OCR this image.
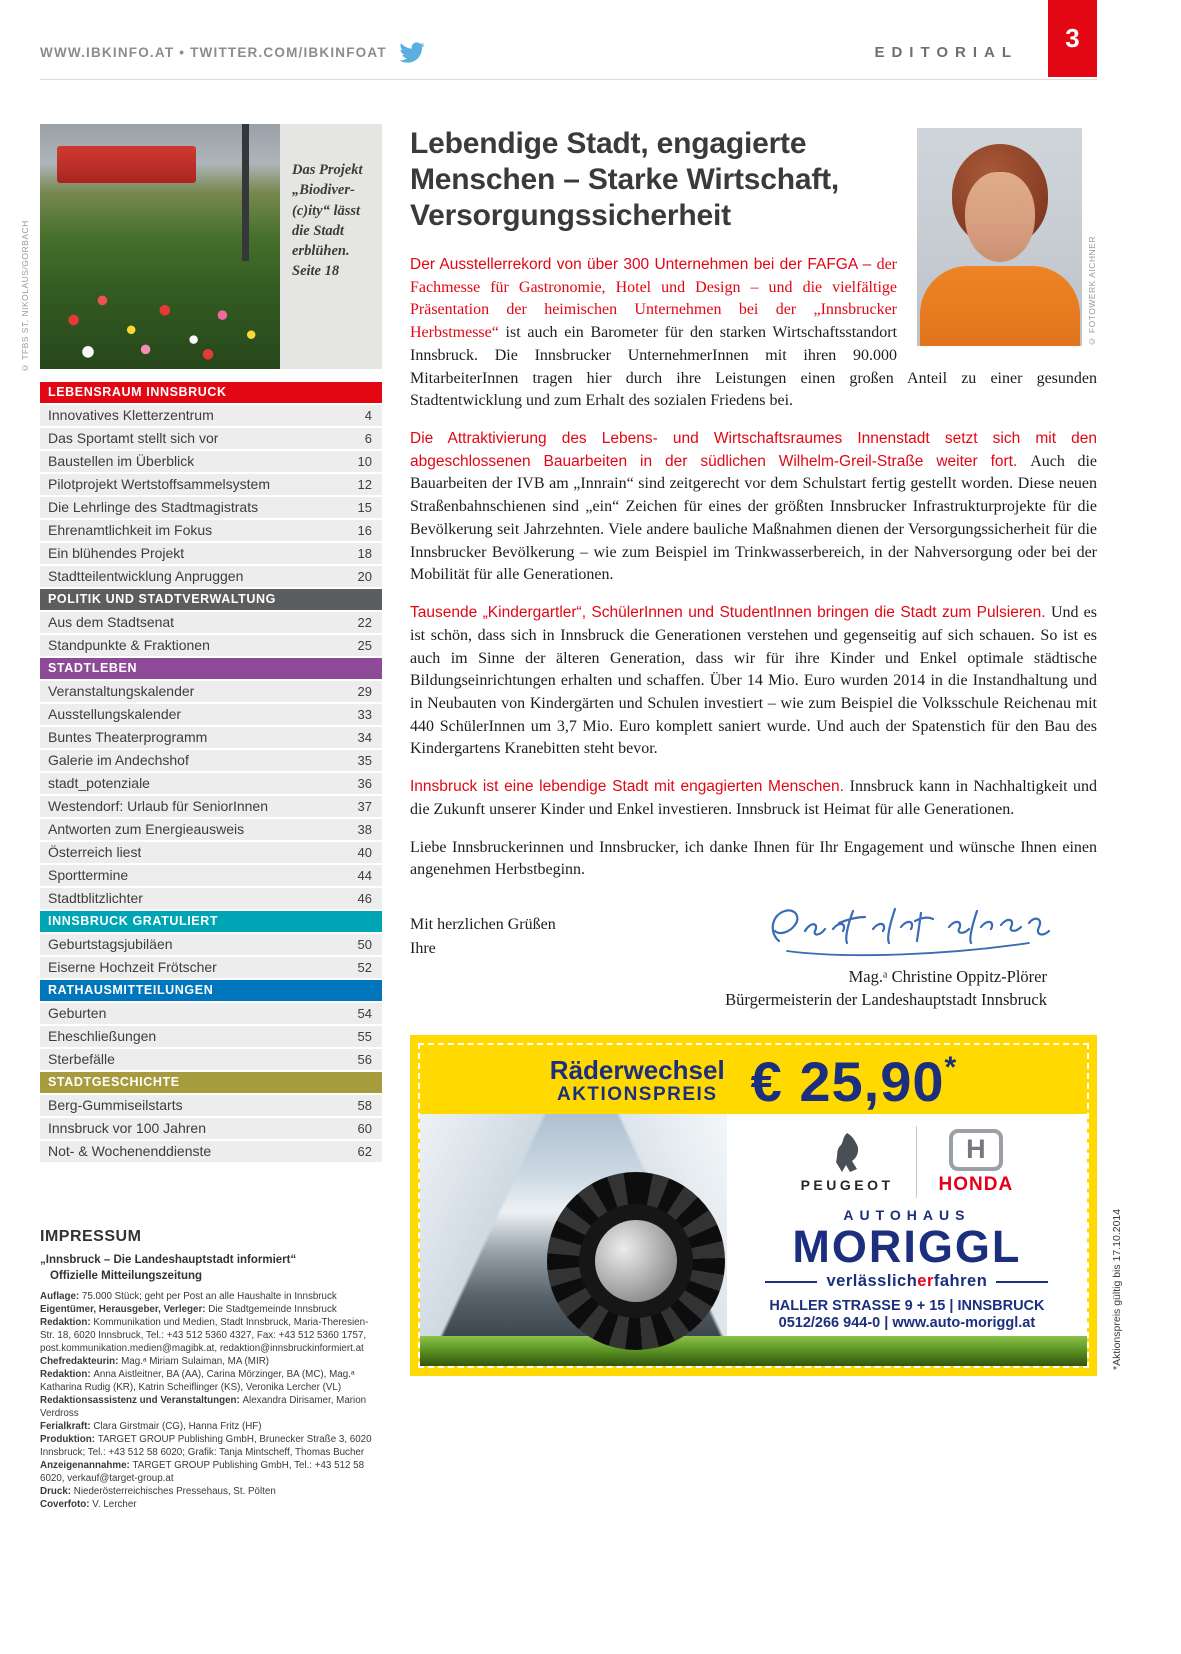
3
WWW.IBKINFO.AT • TWITTER.COM/IBKINFOAT	EDITORIAL
© TFBS ST. NIKOLAUS/GORBACH
Das Projekt „Biodiver-(c)ity“ lässt die Stadt erblühen. Seite 18
LEBENSRAUM INNSBRUCK
Innovatives Kletterzentrum	4
Das Sportamt stellt sich vor	6
Baustellen im Überblick	10
Pilotprojekt Wertstoffsammelsystem	12
Die Lehrlinge des Stadtmagistrats	15
Ehrenamtlichkeit im Fokus	16
Ein blühendes Projekt	18
Stadtteilentwicklung Anpruggen	20
POLITIK UND STADTVERWALTUNG
Aus dem Stadtsenat	22
Standpunkte & Fraktionen	25
STADTLEBEN
Veranstaltungskalender	29
Ausstellungskalender	33
Buntes Theaterprogramm	34
Galerie im Andechshof	35
stadt_potenziale	36
Westendorf: Urlaub für SeniorInnen	37
Antworten zum Energieausweis	38
Österreich liest	40
Sporttermine	44
Stadtblitzlichter	46
INNSBRUCK GRATULIERT
Geburtstagsjubiläen	50
Eiserne Hochzeit Frötscher	52
RATHAUSMITTEILUNGEN
Geburten	54
Eheschließungen	55
Sterbefälle	56
STADTGESCHICHTE
Berg-Gummiseilstarts	58
Innsbruck vor 100 Jahren	60
Not- & Wochenenddienste	62
IMPRESSUM
„Innsbruck – Die Landeshauptstadt informiert“
Offizielle Mitteilungszeitung
Auflage: 75.000 Stück; geht per Post an alle Haushalte in Innsbruck
Eigentümer, Herausgeber, Verleger: Die Stadtgemeinde Innsbruck
Redaktion: Kommunikation und Medien, Stadt Innsbruck, Maria-Theresien-Str. 18, 6020 Innsbruck, Tel.: +43 512 5360 4327, Fax: +43 512 5360 1757, post.kommunikation.medien@magibk.at, redaktion@innsbruckinformiert.at
Chefredakteurin: Mag.ᵃ Miriam Sulaiman, MA (MIR)
Redaktion: Anna Aistleitner, BA (AA), Carina Mörzinger, BA (MC), Mag.ᵃ Katharina Rudig (KR), Katrin Scheiflinger (KS), Veronika Lercher (VL)
Redaktionsassistenz und Veranstaltungen: Alexandra Dirisamer, Marion Verdross
Ferialkraft: Clara Girstmair (CG), Hanna Fritz (HF)
Produktion: TARGET GROUP Publishing GmbH, Brunecker Straße 3, 6020 Innsbruck; Tel.: +43 512 58 6020; Grafik: Tanja Mintscheff, Thomas Bucher
Anzeigenannahme: TARGET GROUP Publishing GmbH, Tel.: +43 512 58 6020, verkauf@target-group.at
Druck: Niederösterreichisches Pressehaus, St. Pölten
Coverfoto: V. Lercher
© FOTOWERK AICHNER
Lebendige Stadt, engagierte Menschen – Starke Wirtschaft, Versorgungssicherheit

Der Ausstellerrekord von über 300 Unternehmen bei der FAFGA – der Fachmesse für Gastronomie, Hotel und Design – und die vielfältige Präsentation der heimischen Unternehmen bei der „Innsbrucker Herbstmesse“ ist auch ein Barometer für den starken Wirtschaftsstandort Innsbruck. Die Innsbrucker UnternehmerInnen mit ihren 90.000 MitarbeiterInnen tragen hier durch ihre Leistungen einen großen Anteil zu einer gesunden Stadtentwicklung und zum Erhalt des sozialen Friedens bei.

Die Attraktivierung des Lebens- und Wirtschaftsraumes Innenstadt setzt sich mit den abgeschlossenen Bauarbeiten in der südlichen Wilhelm-Greil-Straße weiter fort. Auch die Bauarbeiten der IVB am „Innrain“ sind zeitgerecht vor dem Schulstart fertig gestellt worden. Diese neuen Straßenbahnschienen sind „ein“ Zeichen für eines der größten Innsbrucker Infrastrukturprojekte für die Bevölkerung seit Jahrzehnten. Viele andere bauliche Maßnahmen dienen der Versorgungssicherheit für die Innsbrucker Bevölkerung – wie zum Beispiel im Trinkwasserbereich, in der Nahversorgung oder bei der Mobilität für alle Generationen.

Tausende „Kindergartler“, SchülerInnen und StudentInnen bringen die Stadt zum Pulsieren. Und es ist schön, dass sich in Innsbruck die Generationen verstehen und gegenseitig auf sich schauen. So ist es auch im Sinne der älteren Generation, dass wir für ihre Kinder und Enkel optimale städtische Bildungseinrichtungen erhalten und schaffen. Über 14 Mio. Euro wurden 2014 in die Instandhaltung und in Neubauten von Kindergärten und Schulen investiert – wie zum Beispiel die Volksschule Reichenau mit 440 SchülerInnen um 3,7 Mio. Euro komplett saniert wurde. Und auch der Spatenstich für den Bau des Kindergartens Kranebitten steht bevor.

Innsbruck ist eine lebendige Stadt mit engagierten Menschen. Innsbruck kann in Nachhaltigkeit und die Zukunft unserer Kinder und Enkel investieren. Innsbruck ist Heimat für alle Generationen.

Liebe Innsbruckerinnen und Innsbrucker, ich danke Ihnen für Ihr Engagement und wünsche Ihnen einen angenehmen Herbstbeginn.

Mit herzlichen Grüßen
Ihre
Mag.ᵃ Christine Oppitz-Plörer
Bürgermeisterin der Landeshauptstadt Innsbruck
Räderwechsel
AKTIONSPREIS € 25,90*
PEUGEOT
H
HONDA
AUTOHAUS
MORIGGL
verlässlicherfahren
HALLER STRASSE 9 + 15 | INNSBRUCK
0512/266 944-0 | www.auto-moriggl.at	*Aktionspreis gültig bis 17.10.2014
